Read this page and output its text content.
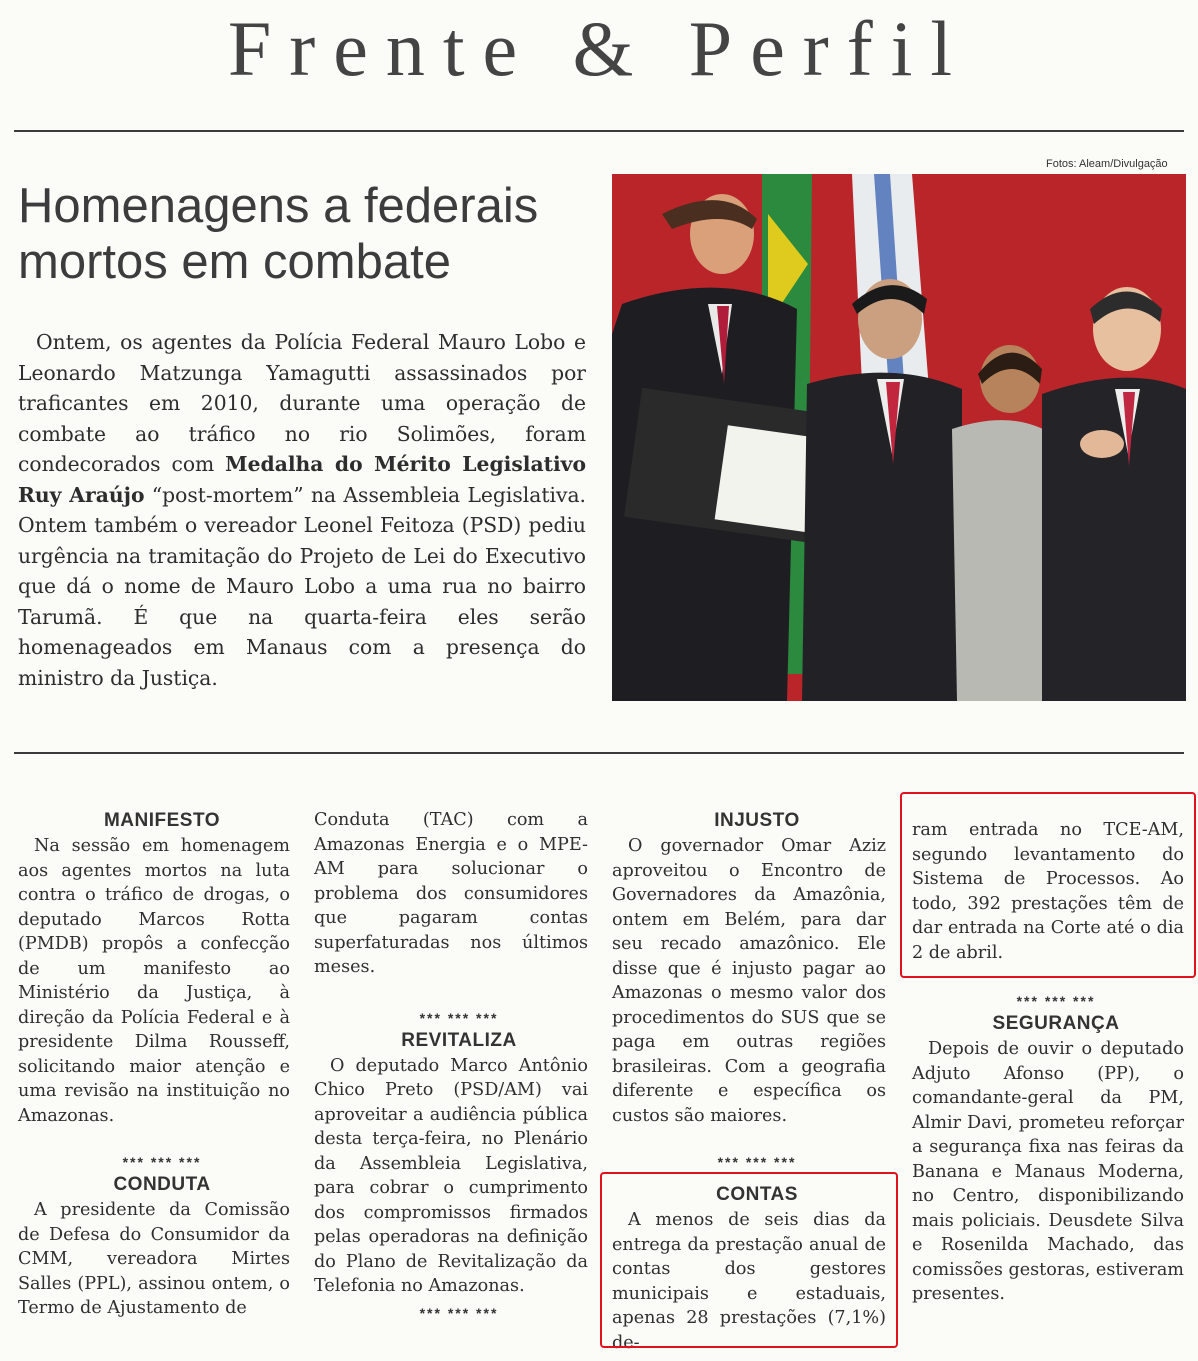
Frente & Perfil
Fotos: Aleam/Divulgação
Homenagens a federais
mortos em combate
Ontem, os agentes da Polícia Federal Mauro Lobo e Leonardo Matzunga Yamagutti assassinados por traficantes em 2010, durante uma operação de combate ao tráfico no rio Solimões, foram condecorados com Medalha do Mérito Legislativo Ruy Araújo “post-mortem” na Assembleia Legislativa. Ontem também o vereador Leonel Feitoza (PSD) pediu urgência na tramitação do Projeto de Lei do Executivo que dá o nome de Mauro Lobo a uma rua no bairro Tarumã. É que na quarta-feira eles serão homenageados em Manaus com a presença do ministro da Justiça.

MANIFESTO

Na sessão em homenagem aos agentes mortos na luta contra o tráfico de drogas, o deputado Marcos Rotta (PMDB) propôs a confecção de um manifesto ao Ministério da Justiça, à direção da Polícia Federal e à presidente Dilma Rousseff, solicitando maior atenção e uma revisão na instituição no Amazonas.

*** *** ***

CONDUTA

A presidente da Comissão de Defesa do Consumidor da CMM, vereadora Mirtes Salles (PPL), assinou ontem, o Termo de Ajustamento de

Conduta (TAC) com a Amazonas Energia e o MPE-AM para solucionar o problema dos consumidores que pagaram contas superfaturadas nos últimos meses.

*** *** ***

REVITALIZA

O deputado Marco Antônio Chico Preto (PSD/AM) vai aproveitar a audiência pública desta terça-feira, no Plenário da Assembleia Legislativa, para cobrar o cumprimento dos compromissos firmados pelas operadoras na definição do Plano de Revitalização da Telefonia no Amazonas.

*** *** ***

INJUSTO

O governador Omar Aziz aproveitou o Encontro de Governadores da Amazônia, ontem em Belém, para dar seu recado amazônico. Ele disse que é injusto pagar ao Amazonas o mesmo valor dos procedimentos do SUS que se paga em outras regiões brasileiras. Com a geografia diferente e específica os custos são maiores.

*** *** ***

CONTAS

A menos de seis dias da entrega da prestação anual de contas dos gestores municipais e estaduais, apenas 28 prestações (7,1%) de-

ram entrada no TCE-AM, segundo levantamento do Sistema de Processos. Ao todo, 392 prestações têm de dar entrada na Corte até o dia 2 de abril.

*** *** ***

SEGURANÇA

Depois de ouvir o deputado Adjuto Afonso (PP), o comandante-geral da PM, Almir Davi, prometeu reforçar a segurança fixa nas feiras da Banana e Manaus Moderna, no Centro, disponibilizando mais policiais. Deusdete Silva e Rosenilda Machado, das comissões gestoras, estiveram presentes.
